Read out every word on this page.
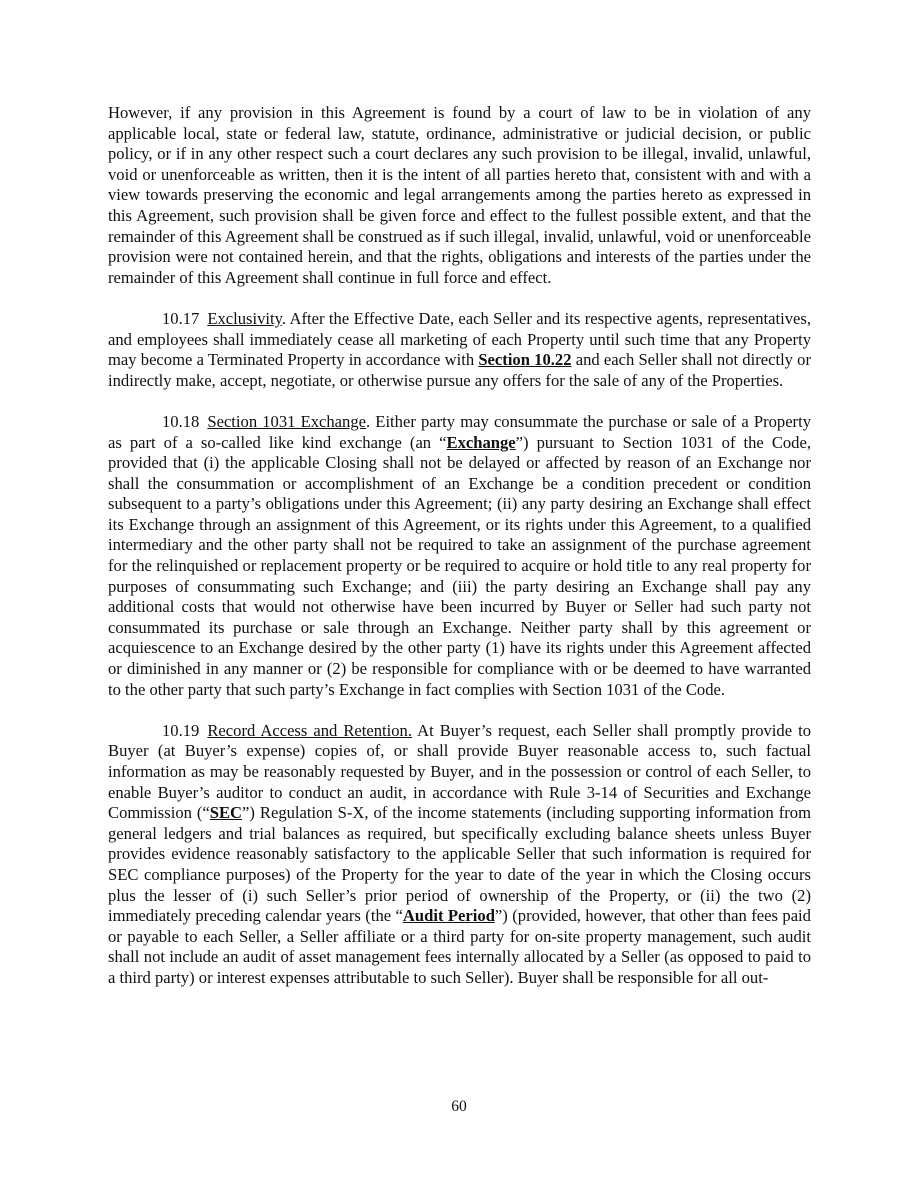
However, if any provision in this Agreement is found by a court of law to be in violation of any applicable local, state or federal law, statute, ordinance, administrative or judicial decision, or public policy, or if in any other respect such a court declares any such provision to be illegal, invalid, unlawful, void or unenforceable as written, then it is the intent of all parties hereto that, consistent with and with a view towards preserving the economic and legal arrangements among the parties hereto as expressed in this Agreement, such provision shall be given force and effect to the fullest possible extent, and that the remainder of this Agreement shall be construed as if such illegal, invalid, unlawful, void or unenforceable provision were not contained herein, and that the rights, obligations and interests of the parties under the remainder of this Agreement shall continue in full force and effect.

10.17 Exclusivity. After the Effective Date, each Seller and its respective agents, representatives, and employees shall immediately cease all marketing of each Property until such time that any Property may become a Terminated Property in accordance with Section 10.22 and each Seller shall not directly or indirectly make, accept, negotiate, or otherwise pursue any offers for the sale of any of the Properties.

10.18 Section 1031 Exchange. Either party may consummate the purchase or sale of a Property as part of a so-called like kind exchange (an “Exchange”) pursuant to Section 1031 of the Code, provided that (i) the applicable Closing shall not be delayed or affected by reason of an Exchange nor shall the consummation or accomplishment of an Exchange be a condition precedent or condition subsequent to a party’s obligations under this Agreement; (ii) any party desiring an Exchange shall effect its Exchange through an assignment of this Agreement, or its rights under this Agreement, to a qualified intermediary and the other party shall not be required to take an assignment of the purchase agreement for the relinquished or replacement property or be required to acquire or hold title to any real property for purposes of consummating such Exchange; and (iii) the party desiring an Exchange shall pay any additional costs that would not otherwise have been incurred by Buyer or Seller had such party not consummated its purchase or sale through an Exchange. Neither party shall by this agreement or acquiescence to an Exchange desired by the other party (1) have its rights under this Agreement affected or diminished in any manner or (2) be responsible for compliance with or be deemed to have warranted to the other party that such party’s Exchange in fact complies with Section 1031 of the Code.

10.19 Record Access and Retention. At Buyer’s request, each Seller shall promptly provide to Buyer (at Buyer’s expense) copies of, or shall provide Buyer reasonable access to, such factual information as may be reasonably requested by Buyer, and in the possession or control of each Seller, to enable Buyer’s auditor to conduct an audit, in accordance with Rule 3-14 of Securities and Exchange Commission (“SEC”) Regulation S-X, of the income statements (including supporting information from general ledgers and trial balances as required, but specifically excluding balance sheets unless Buyer provides evidence reasonably satisfactory to the applicable Seller that such information is required for SEC compliance purposes) of the Property for the year to date of the year in which the Closing occurs plus the lesser of (i) such Seller’s prior period of ownership of the Property, or (ii) the two (2) immediately preceding calendar years (the “Audit Period”) (provided, however, that other than fees paid or payable to each Seller, a Seller affiliate or a third party for on-site property management, such audit shall not include an audit of asset management fees internally allocated by a Seller (as opposed to paid to a third party) or interest expenses attributable to such Seller). Buyer shall be responsible for all out-

60
